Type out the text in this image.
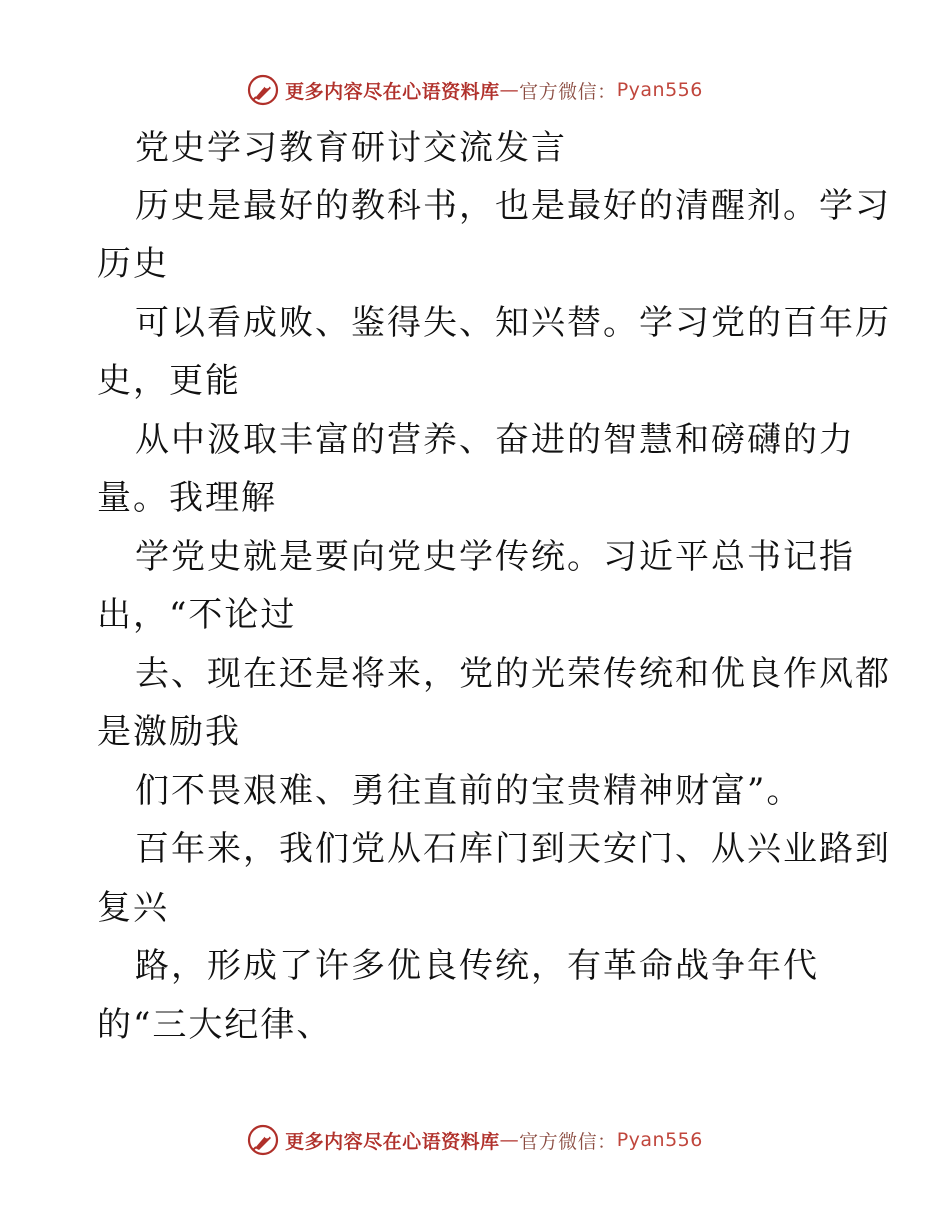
更多内容尽在心语资料库 — 官方微信： Pyan556
党史学习教育研讨交流发言
历史是最好的教科书，也是最好的清醒剂。学习
历史
可以看成败、鉴得失、知兴替。学习党的百年历
史，更能
从中汲取丰富的营养、奋进的智慧和磅礴的力
量。我理解
学党史就是要向党史学传统。习近平总书记指
出，“不论过
去、现在还是将来，党的光荣传统和优良作风都
是激励我
们不畏艰难、勇往直前的宝贵精神财富”。
百年来，我们党从石库门到天安门、从兴业路到
复兴
路，形成了许多优良传统，有革命战争年代
的“三大纪律、
更多内容尽在心语资料库 — 官方微信： Pyan556
